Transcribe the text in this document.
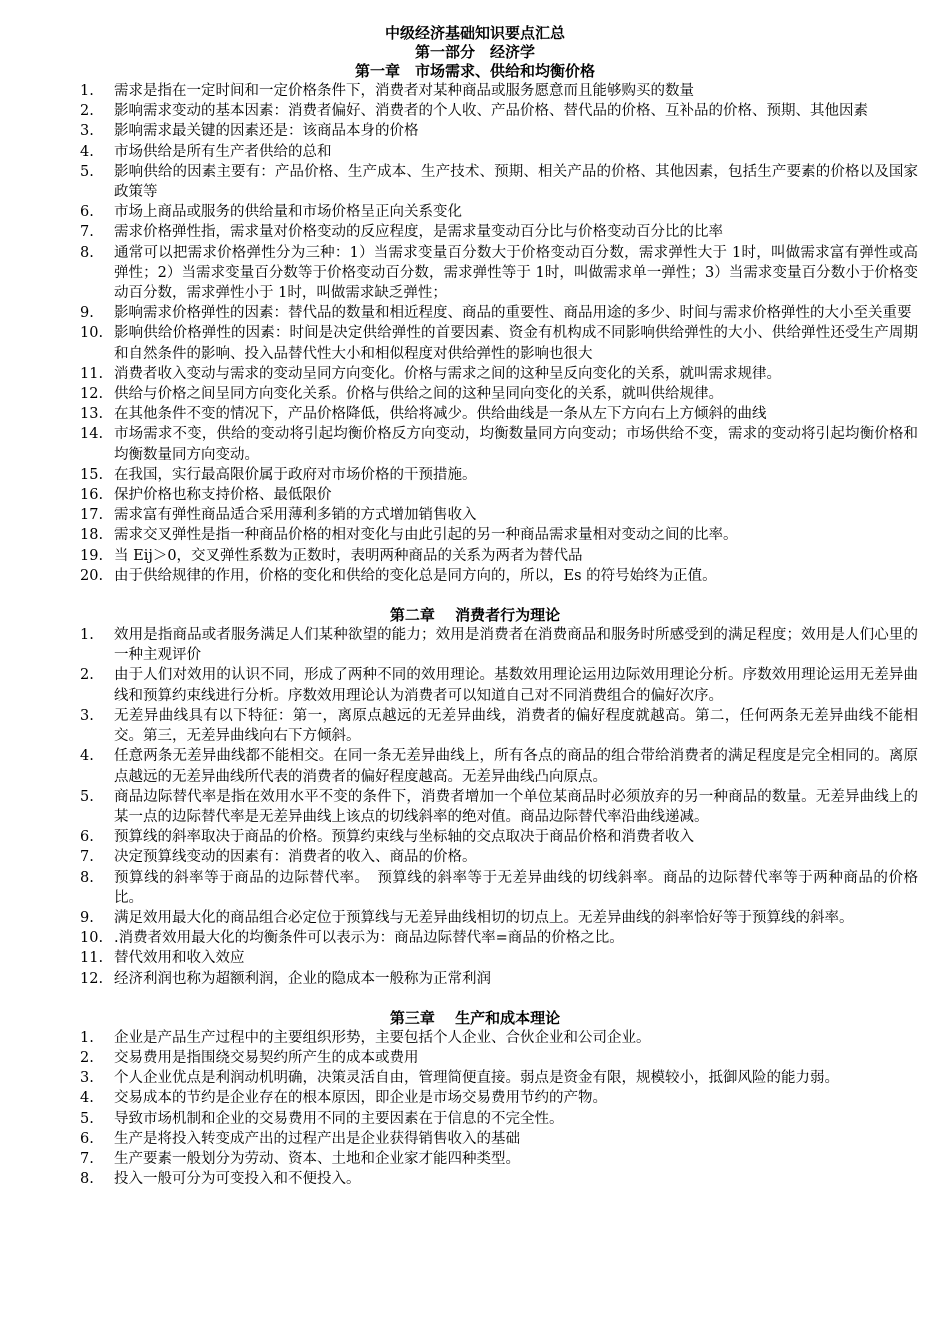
中级经济基础知识要点汇总
第一部分　经济学
第一章　市场需求、供给和均衡价格
1.	需求是指在一定时间和一定价格条件下，消费者对某种商品或服务愿意而且能够购买的数量
2.	影响需求变动的基本因素：消费者偏好、消费者的个人收、产品价格、替代品的价格、互补品的价格、预期、其他因素
3.	影响需求最关键的因素还是：该商品本身的价格
4.	市场供给是所有生产者供给的总和
5.	影响供给的因素主要有：产品价格、生产成本、生产技术、预期、相关产品的价格、其他因素，包括生产要素的价格以及国家政策等
6.	市场上商品或服务的供给量和市场价格呈正向关系变化
7.	需求价格弹性指，需求量对价格变动的反应程度，是需求量变动百分比与价格变动百分比的比率
8.	通常可以把需求价格弹性分为三种：1）当需求变量百分数大于价格变动百分数，需求弹性大于 1时，叫做需求富有弹性或高弹性；2）当需求变量百分数等于价格变动百分数，需求弹性等于 1时，叫做需求单一弹性；3）当需求变量百分数小于价格变动百分数，需求弹性小于 1时，叫做需求缺乏弹性；
9.	影响需求价格弹性的因素：替代品的数量和相近程度、商品的重要性、商品用途的多少、时间与需求价格弹性的大小至关重要
10. 影响供给价格弹性的因素：时间是决定供给弹性的首要因素、资金有机构成不同影响供给弹性的大小、供给弹性还受生产周期和自然条件的影响、投入品替代性大小和相似程度对供给弹性的影响也很大
11. 消费者收入变动与需求的变动呈同方向变化。价格与需求之间的这种呈反向变化的关系，就叫需求规律。
12. 供给与价格之间呈同方向变化关系。价格与供给之间的这种呈同向变化的关系，就叫供给规律。
13. 在其他条件不变的情况下，产品价格降低，供给将减少。供给曲线是一条从左下方向右上方倾斜的曲线
14. 市场需求不变，供给的变动将引起均衡价格反方向变动，均衡数量同方向变动；市场供给不变，需求的变动将引起均衡价格和均衡数量同方向变动。
15. 在我国，实行最高限价属于政府对市场价格的干预措施。
16. 保护价格也称支持价格、最低限价
17. 需求富有弹性商品适合采用薄利多销的方式增加销售收入
18. 需求交叉弹性是指一种商品价格的相对变化与由此引起的另一种商品需求量相对变动之间的比率。
19. 当 Eij＞0，交叉弹性系数为正数时，表明两种商品的关系为两者为替代品
20. 由于供给规律的作用，价格的变化和供给的变化总是同方向的，所以，Es 的符号始终为正值。
第二章　 消费者行为理论
1.	效用是指商品或者服务满足人们某种欲望的能力；效用是消费者在消费商品和服务时所感受到的满足程度；效用是人们心里的一种主观评价
2.	由于人们对效用的认识不同，形成了两种不同的效用理论。基数效用理论运用边际效用理论分析。序数效用理论运用无差异曲线和预算约束线进行分析。序数效用理论认为消费者可以知道自己对不同消费组合的偏好次序。
3.	无差异曲线具有以下特征：第一，离原点越远的无差异曲线，消费者的偏好程度就越高。第二，任何两条无差异曲线不能相交。第三，无差异曲线向右下方倾斜。
4.	任意两条无差异曲线都不能相交。在同一条无差异曲线上，所有各点的商品的组合带给消费者的满足程度是完全相同的。离原点越远的无差异曲线所代表的消费者的偏好程度越高。无差异曲线凸向原点。
5.	商品边际替代率是指在效用水平不变的条件下，消费者增加一个单位某商品时必须放弃的另一种商品的数量。无差异曲线上的某一点的边际替代率是无差异曲线上该点的切线斜率的绝对值。商品边际替代率沿曲线递减。
6.	预算线的斜率取决于商品的价格。预算约束线与坐标轴的交点取决于商品价格和消费者收入
7.	决定预算线变动的因素有：消费者的收入、商品的价格。
8.	预算线的斜率等于商品的边际替代率。　预算线的斜率等于无差异曲线的切线斜率。商品的边际替代率等于两种商品的价格比。
9.	满足效用最大化的商品组合必定位于预算线与无差异曲线相切的切点上。无差异曲线的斜率恰好等于预算线的斜率。
10. .消费者效用最大化的均衡条件可以表示为：商品边际替代率=商品的价格之比。
11. 替代效用和收入效应
12. 经济利润也称为超额利润，企业的隐成本一般称为正常利润
第三章　 生产和成本理论
1.	企业是产品生产过程中的主要组织形势，主要包括个人企业、合伙企业和公司企业。
2.	交易费用是指围绕交易契约所产生的成本或费用
3.	个人企业优点是利润动机明确，决策灵活自由，管理简便直接。弱点是资金有限，规模较小，抵御风险的能力弱。
4.	交易成本的节约是企业存在的根本原因，即企业是市场交易费用节约的产物。
5.	导致市场机制和企业的交易费用不同的主要因素在于信息的不完全性。
6.	生产是将投入转变成产出的过程产出是企业获得销售收入的基础
7.	生产要素一般划分为劳动、资本、土地和企业家才能四种类型。
8.	投入一般可分为可变投入和不便投入。
